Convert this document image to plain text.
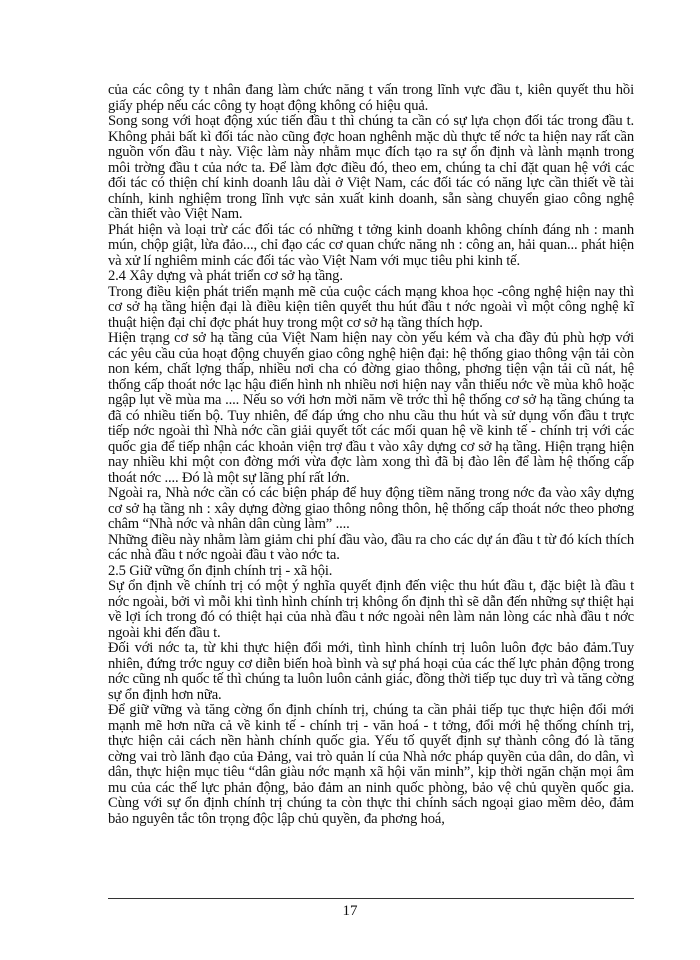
của các công ty t nhân đang làm chức năng t vấn trong lĩnh vực đầu t, kiên quyết thu hồi giấy phép nếu các công ty hoạt động không có hiệu quả.

Song song với hoạt động xúc tiến đầu t thì chúng ta cần có sự lựa chọn đối tác trong đầu t. Không phải bất kì đối tác nào cũng đợc hoan nghênh mặc dù thực tế nớc ta hiện nay rất cần nguồn vốn đầu t này. Việc làm này nhằm mục đích tạo ra sự ổn định và lành mạnh trong môi trờng đầu t của nớc ta. Để làm đợc điều đó, theo em, chúng ta chỉ đặt quan hệ với các đối tác có thiện chí kinh doanh lâu dài ở Việt Nam, các đối tác có năng lực cần thiết về tài chính, kinh nghiệm trong lĩnh vực sản xuất kinh doanh, sẵn sàng chuyển giao công nghệ cần thiết vào Việt Nam.

Phát hiện và loại trừ các đối tác có những t tởng kinh doanh không chính đáng nh : manh mún, chộp giật, lừa đảo..., chỉ đạo các cơ quan chức năng nh : công an, hải quan... phát hiện và xử lí nghiêm minh các đối tác vào Việt Nam với mục tiêu phi kinh tế.

2.4 Xây dựng và phát triển cơ sở hạ tầng.

Trong điều kiện phát triển mạnh mẽ của cuộc cách mạng khoa học -công nghệ hiện nay thì cơ sở hạ tầng hiện đại là điều kiện tiên quyết thu hút đầu t nớc ngoài vì một công nghệ kĩ thuật hiện đại chỉ đợc phát huy trong một cơ sở hạ tầng thích hợp.

Hiện trạng cơ sở hạ tầng của Việt Nam hiện nay còn yếu kém và cha đầy đủ phù hợp với các yêu cầu của hoạt động chuyển giao công nghệ hiện đại: hệ thống giao thông vận tải còn non kém, chất lợng thấp, nhiều nơi cha có đờng giao thông, phơng tiện vận tải cũ nát, hệ thống cấp thoát nớc lạc hậu điển hình nh nhiều nơi hiện nay vẫn thiếu nớc về mùa khô hoặc ngập lụt về mùa ma .... Nếu so với hơn mời năm về trớc thì hệ thống cơ sở hạ tầng chúng ta đã có nhiều tiến bộ. Tuy nhiên, để đáp ứng cho nhu cầu thu hút và sử dụng vốn đầu t trực tiếp nớc ngoài thì Nhà nớc cần giải quyết tốt các mối quan hệ về kinh tế - chính trị với các quốc gia để tiếp nhận các khoản viện trợ đầu t vào xây dựng cơ sở hạ tầng. Hiện trạng hiện nay nhiều khi một con đờng mới vừa đợc làm xong thì đã bị đào lên để làm hệ thống cấp thoát nớc .... Đó là một sự lãng phí rất lớn.

Ngoài ra, Nhà nớc cần có các biện pháp để huy động tiềm năng trong nớc đa vào xây dựng cơ sở hạ tầng nh : xây dựng đờng giao thông nông thôn, hệ thống cấp thoát nớc theo phơng châm “Nhà nớc và nhân dân cùng làm” ....

Những điều này nhằm làm giảm chi phí đầu vào, đầu ra cho các dự án đầu t từ đó kích thích các nhà đầu t nớc ngoài đầu t vào nớc ta.

2.5 Giữ vững ổn định chính trị - xã hội.

Sự ổn định về chính trị có một ý nghĩa quyết định đến việc thu hút đầu t, đặc biệt là đầu t nớc ngoài, bởi vì mỗi khi tình hình chính trị không ổn định thì sẽ dẫn đến những sự thiệt hại về lợi ích trong đó có thiệt hại của nhà đầu t nớc ngoài nên làm nản lòng các nhà đầu t nớc ngoài khi đến đầu t.

Đối với nớc ta, từ khi thực hiện đổi mới, tình hình chính trị luôn luôn đợc bảo đảm.Tuy nhiên, đứng trớc nguy cơ diễn biến hoà bình và sự phá hoại của các thế lực phản động trong nớc cũng nh quốc tế thì chúng ta luôn luôn cảnh giác, đồng thời tiếp tục duy trì và tăng cờng sự ổn định hơn nữa.

Để giữ vững và tăng cờng ổn định chính trị, chúng ta cần phải tiếp tục thực hiện đổi mới mạnh mẽ hơn nữa cả về kinh tế - chính trị - văn hoá - t tởng, đổi mới hệ thống chính trị, thực hiện cải cách nền hành chính quốc gia. Yếu tố quyết định sự thành công đó là tăng cờng vai trò lãnh đạo của Đảng, vai trò quản lí của Nhà nớc pháp quyền của dân, do dân, vì dân, thực hiện mục tiêu “dân giàu nớc mạnh xã hội văn minh”, kịp thời ngăn chặn mọi âm mu của các thế lực phản động, bảo đảm an ninh quốc phòng, bảo vệ chủ quyền quốc gia. Cùng với sự ổn định chính trị chúng ta còn thực thi chính sách ngoại giao mềm dẻo, đảm bảo nguyên tắc tôn trọng độc lập chủ quyền, đa phơng hoá,

17
